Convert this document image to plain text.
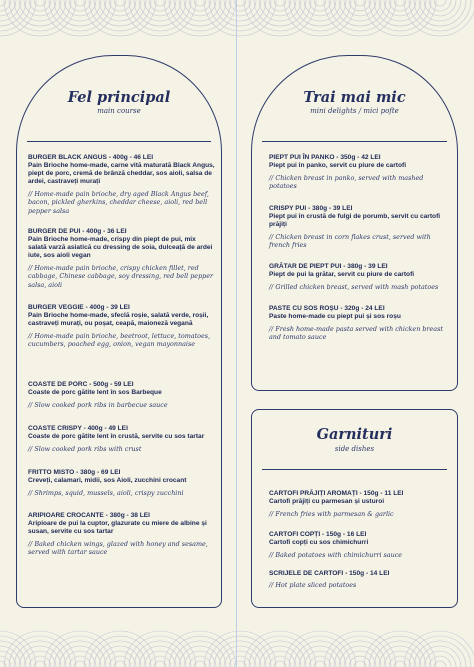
Fel principal
main course
BURGER BLACK ANGUS - 400g - 46 LEI
Pain Brioche home-made, carne vită maturată Black Angus, piept de porc, cremă de brânză cheddar, sos aioli, salsa de ardei, castraveți murați
// Home-made pain brioche, dry aged Black Angus beef, bacon, pickled gherkins, cheddar cheese, aioli, red bell pepper salsa
BURGER DE PUI - 400g - 36 LEI
Pain Brioche home-made, crispy din piept de pui, mix salată varză asiatică cu dressing de soia, dulceață de ardei iute, sos aioli vegan
// Home-made pain brioche, crispy chicken fillet, red cabbage, Chinese cabbage, soy dressing, red bell pepper salsa, aioli
BURGER VEGGIE - 400g - 39 LEI
Pain Brioche home-made, sfeclă roșie, salată verde, roșii, castraveți murați, ou poșat, ceapă, maioneză vegană
// Home-made pain brioche, beetroot, lettuce, tomatoes, cucumbers, poached egg, onion, vegan mayonnaise
COASTE DE PORC - 500g - 59 LEI
Coaste de porc gătite lent în sos Barbeque
// Slow cooked pork ribs in barbecue sauce
COASTE CRISPY - 400g - 49 LEI
Coaste de porc gătite lent în crustă, servite cu sos tartar
// Slow cooked pork ribs with crust
FRITTO MISTO - 380g - 69 LEI
Creveți, calamari, midii, sos Aioli, zucchini crocant
// Shrimps, squid, mussels, aioli, crispy zucchini
ARIPIOARE CROCANTE - 380g - 38 LEI
Aripioare de pui la cuptor, glazurate cu miere de albine și susan, servite cu sos tartar
// Baked chicken wings, glazed with honey and sesame, served with tartar sauce
Trai mai mic
mini delights / mici pofte
PIEPT PUI ÎN PANKO - 350g - 42 LEI
Piept pui în panko, servit cu piure de cartofi
// Chicken breast in panko, served with mashed potatoes
CRISPY PUI - 380g - 39 LEI
Piept pui în crustă de fulgi de porumb, servit cu cartofi prăjiți
// Chicken breast in corn flakes crust, served with french fries
GRĂTAR DE PIEPT PUI - 380g - 39 LEI
Piept de pui la grătar, servit cu piure de cartofi
// Grilled chicken breast, served with mash potatoes
PASTE CU SOS ROȘU - 320g - 24 LEI
Paste home-made cu piept pui și sos roșu
// Fresh home-made pasta served with chicken breast and tomato sauce
Garnituri
side dishes
CARTOFI PRĂJIȚI AROMAȚI - 150g - 11 LEI
Cartofi prăjiți cu parmesan și usturoi
// French fries with parmesan & garlic
CARTOFI COPȚI - 150g - 16 LEI
Cartofi copți cu sos chimichurri
// Baked potatoes with chimichurri sauce
SCRIJELE DE CARTOFI - 150g - 14 LEI
// Hot plate sliced potatoes
